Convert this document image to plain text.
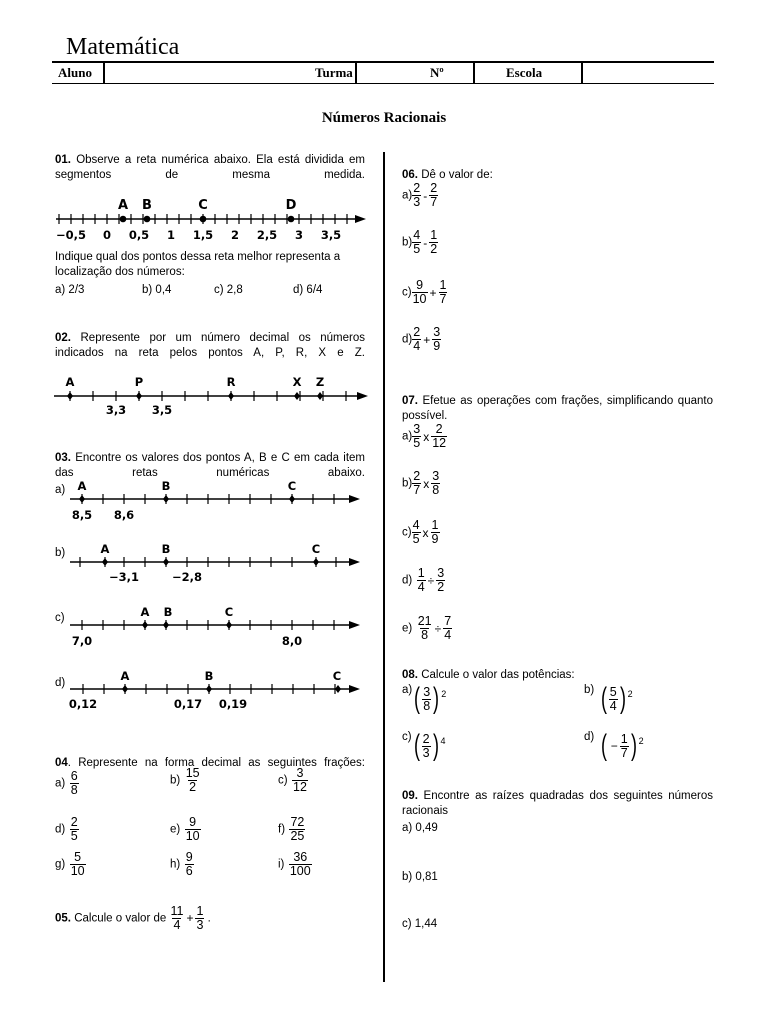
Matemática
Aluno	Turma	Nº	Escola
Números Racionais
01. Observe a reta numérica abaixo. Ela está dividida em segmentos de mesma medida.
A B	C	D
−0,5 0 0,5 1 1,5 2 2,5 3 3,5
Indique qual dos pontos dessa reta melhor representa a localização dos números:
a) 2/3	b) 0,4	c) 2,8	d) 6/4
02. Represente por um número decimal os números indicados na reta pelos pontos A, P, R, X e Z.
A	P	R	X Z
3,3 3,5
03. Encontre os valores dos pontos A, B e C em cada item das retas numéricas abaixo.
a) A	B	C
8,5 8,6
b)	A	B	C
−3,1	−2,8
c)	A B	C
7,0	8,0
d)	A	B	C
0,12	0,17 0,19
04. Represente na forma decimal as seguintes frações:
$a) \frac{6}{8}$	$b) \frac{15}{2}$	$c) \frac{3}{12}$
$d) \frac{2}{5}$	$e) \frac{9}{10}$	$f) \frac{72}{25}$
$g) \frac{5}{10}$	$h) \frac{9}{6}$	$i) \frac{36}{100}$
05. Calcule o valor de $\frac{11}{4} + \frac{1}{3}$ .
06. Dê o valor de:
$a) \frac{2}{3} - \frac{2}{7}$
$b) \frac{4}{5} - \frac{1}{2}$
$c) \frac{9}{10} + \frac{1}{7}$
$d) \frac{2}{4} + \frac{3}{9}$
07. Efetue as operações com frações, simplificando quanto possível.
$a) \frac{3}{5}$ x $\frac{2}{12}$
$b) \frac{2}{7}$ x $\frac{3}{8}$
$c) \frac{4}{5}$ x $\frac{1}{9}$
$d) \frac{1}{4} \div \frac{3}{2}$
$e) \frac{21}{8} \div \frac{7}{4}$
08. Calcule o valor das potências:
$^{a)}( \frac{3}{8}$ ) $^2$	$^{b)}$ ( $\frac{5}{4}$ ) $^2$
$^{c)}( \frac{2}{3}$ ) $^4$	$^{d)}$ ( − $\frac{1}{7}$ ) $^2$
09. Encontre as raízes quadradas dos seguintes números racionais
a) 0,49
b) 0,81
c) 1,44
